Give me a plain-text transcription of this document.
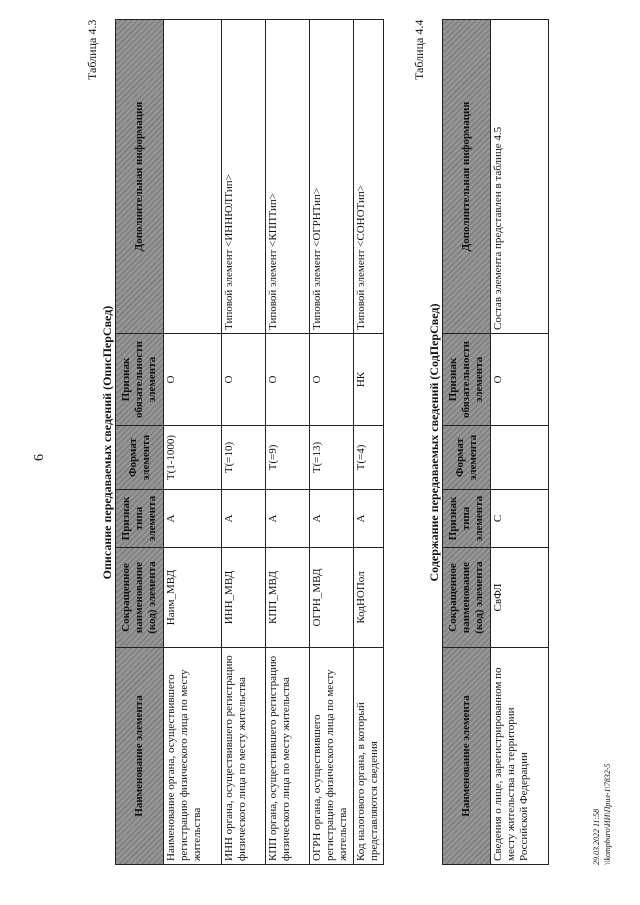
6
Таблица 4.3
Описание передаваемых сведений (ОписПерСвед)
Наименование элемента	Сокращенное наименование (код) элемента	Признак типа элемента	Формат элемента	Признак обязательности элемента	Дополнительная информация
Наименование органа, осуществившего регистрацию физического лица по месту жительства	Наим_МВД	А	T(1-1000)	О	
ИНН органа, осуществившего регистрацию физического лица по месту жительства	ИНН_МВД	А	T(=10)	О	Типовой элемент <ИННЮЛТип>
КПП органа, осуществившего регистрацию физического лица по месту жительства	КПП_МВД	А	T(=9)	О	Типовой элемент <КППТип>
ОГРН органа, осуществившего регистрацию физического лица по месту жительства	ОГРН_МВД	А	T(=13)	О	Типовой элемент <ОГРНТип>
Код налогового органа, в который представляются сведения	КодНОПол	А	T(=4)	НК	Типовой элемент <СОНОТип>
Таблица 4.4
Содержание передаваемых сведений (СодПерСвед)
Наименование элемента	Сокращенное наименование (код) элемента	Признак типа элемента	Формат элемента	Признак обязательности элемента	Дополнительная информация
Сведения о лице, зарегистрированном по месту жительства на территории Российской Федерации	СвФЛ	С		О	Состав элемента представлен в таблице 4.5
29.03.2022 11:58 \\kompburo\ИИ\Прил-1\7832-5
